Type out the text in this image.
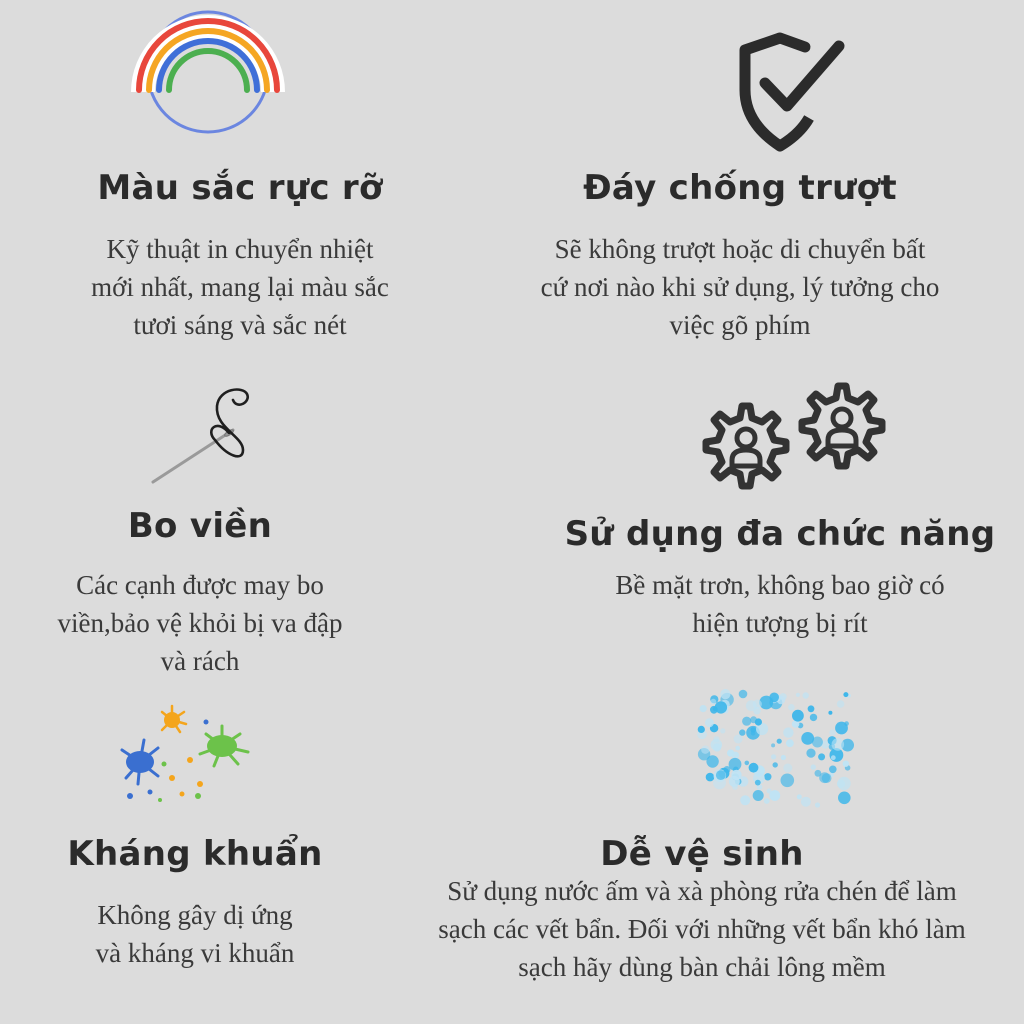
Màu sắc rực rỡ

Kỹ thuật in chuyển nhiệt
mới nhất, mang lại màu sắc
tươi sáng và sắc nét

Đáy chống trượt

Sẽ không trượt hoặc di chuyển bất
cứ nơi nào khi sử dụng, lý tưởng cho
việc gõ phím

Bo viền

Các cạnh được may bo
viền,bảo vệ khỏi bị va đập
và rách

Sử dụng đa chức năng

Bề mặt trơn, không bao giờ có
hiện tượng bị rít

Kháng khuẩn

Không gây dị ứng
và kháng vi khuẩn

Dễ vệ sinh

Sử dụng nước ấm và xà phòng rửa chén để làm
sạch các vết bẩn. Đối với những vết bẩn khó làm
sạch hãy dùng bàn chải lông mềm
